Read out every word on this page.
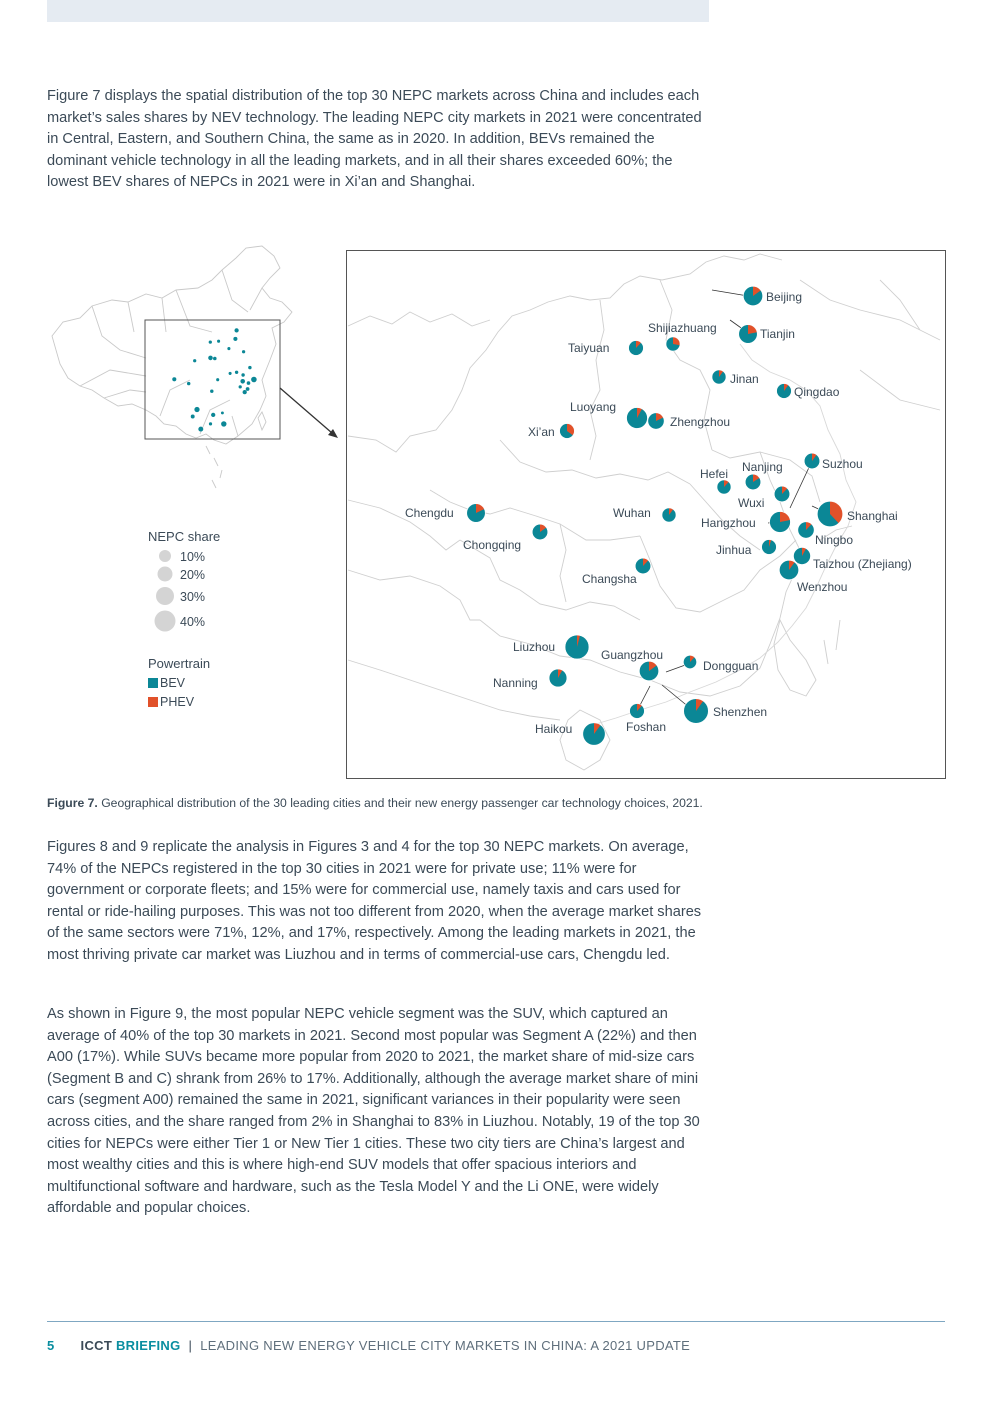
Figure 7 displays the spatial distribution of the top 30 NEPC markets across China and includes each market’s sales shares by NEV technology. The leading NEPC city markets in 2021 were concentrated in Central, Eastern, and Southern China, the same as in 2020. In addition, BEVs remained the dominant vehicle technology in all the leading markets, and in all their shares exceeded 60%; the lowest BEV shares of NEPCs in 2021 were in Xi’an and Shanghai.

Beijing
Tianjin
Shijiazhuang
Taiyuan
Jinan
Qingdao
Luoyang
Zhengzhou
Xi’an
Hefei Nanjing	Suzhou
Wuxi
Shanghai
Hangzhou
Ningbo
Jinhua
Taizhou (Zhejiang)
Wenzhou
Chengdu
Chongqing
Wuhan
Changsha
Liuzhou
Nanning
Guangzhou
Dongguan
Foshan
Shenzhen
Haikou
NEPC share
10%
20%
30%
40%
Powertrain
BEV
PHEV
Figure 7. Geographical distribution of the 30 leading cities and their new energy passenger car technology choices, 2021.

Figures 8 and 9 replicate the analysis in Figures 3 and 4 for the top 30 NEPC markets. On average, 74% of the NEPCs registered in the top 30 cities in 2021 were for private use; 11% were for government or corporate fleets; and 15% were for commercial use, namely taxis and cars used for rental or ride-hailing purposes. This was not too different from 2020, when the average market shares of the same sectors were 71%, 12%, and 17%, respectively. Among the leading markets in 2021, the most thriving private car market was Liuzhou and in terms of commercial-use cars, Chengdu led.

As shown in Figure 9, the most popular NEPC vehicle segment was the SUV, which captured an average of 40% of the top 30 markets in 2021. Second most popular was Segment A (22%) and then A00 (17%). While SUVs became more popular from 2020 to 2021, the market share of mid-size cars (Segment B and C) shrank from 26% to 17%. Additionally, although the average market share of mini cars (segment A00) remained the same in 2021, significant variances in their popularity were seen across cities, and the share ranged from 2% in Shanghai to 83% in Liuzhou. Notably, 19 of the top 30 cities for NEPCs were either Tier 1 or New Tier 1 cities. These two city tiers are China’s largest and most wealthy cities and this is where high-end SUV models that offer spacious interiors and multifunctional software and hardware, such as the Tesla Model Y and the Li ONE, were widely affordable and popular choices.

5 ICCT BRIEFING | LEADING NEW ENERGY VEHICLE CITY MARKETS IN CHINA: A 2021 UPDATE
